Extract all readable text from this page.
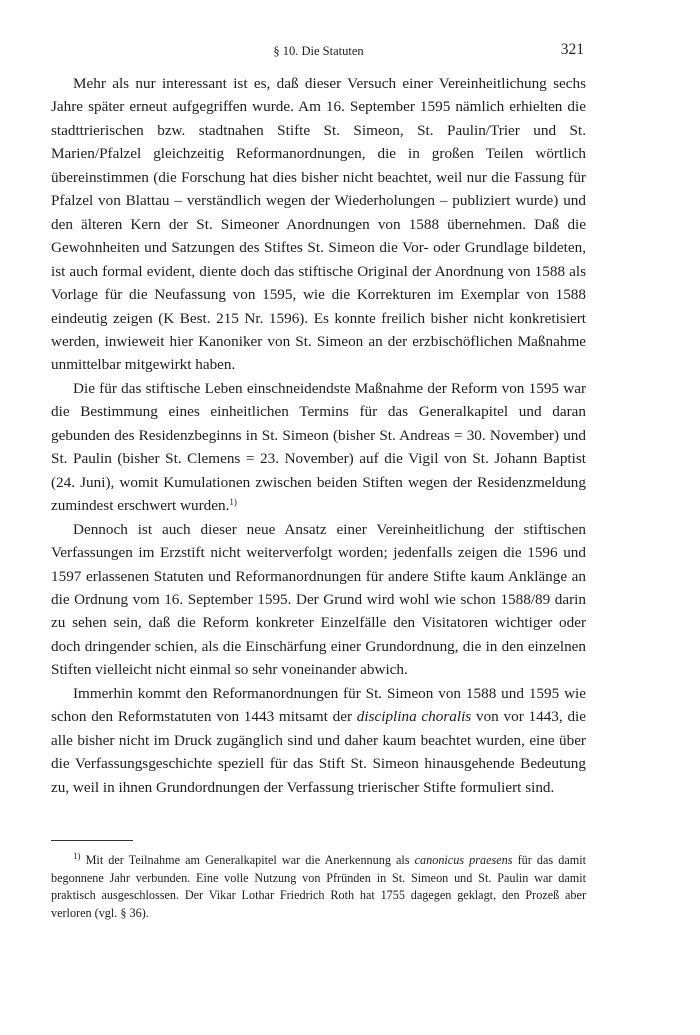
§ 10. Die Statuten	321

Mehr als nur interessant ist es, daß dieser Versuch einer Vereinheitlichung sechs Jahre später erneut aufgegriffen wurde. Am 16. September 1595 nämlich erhielten die stadttrierischen bzw. stadtnahen Stifte St. Simeon, St. Paulin/Trier und St. Marien/Pfalzel gleichzeitig Reformanordnungen, die in großen Teilen wörtlich übereinstimmen (die Forschung hat dies bisher nicht beachtet, weil nur die Fassung für Pfalzel von Blattau – verständlich wegen der Wiederholungen – publiziert wurde) und den älteren Kern der St. Simeoner Anordnungen von 1588 übernehmen. Daß die Gewohnheiten und Satzungen des Stiftes St. Simeon die Vor- oder Grundlage bildeten, ist auch formal evident, diente doch das stiftische Original der Anordnung von 1588 als Vorlage für die Neufassung von 1595, wie die Korrekturen im Exemplar von 1588 eindeutig zeigen (K Best. 215 Nr. 1596). Es konnte freilich bisher nicht konkretisiert werden, inwieweit hier Kanoniker von St. Simeon an der erzbischöflichen Maßnahme unmittelbar mitgewirkt haben.

Die für das stiftische Leben einschneidendste Maßnahme der Reform von 1595 war die Bestimmung eines einheitlichen Termins für das Generalkapitel und daran gebunden des Residenzbeginns in St. Simeon (bisher St. Andreas = 30. November) und St. Paulin (bisher St. Clemens = 23. November) auf die Vigil von St. Johann Baptist (24. Juni), womit Kumulationen zwischen beiden Stiften wegen der Residenzmeldung zumindest erschwert wurden.$^{1)}$

Dennoch ist auch dieser neue Ansatz einer Vereinheitlichung der stiftischen Verfassungen im Erzstift nicht weiterverfolgt worden; jedenfalls zeigen die 1596 und 1597 erlassenen Statuten und Reformanordnungen für andere Stifte kaum Anklänge an die Ordnung vom 16. September 1595. Der Grund wird wohl wie schon 1588/89 darin zu sehen sein, daß die Reform konkreter Einzelfälle den Visitatoren wichtiger oder doch dringender schien, als die Einschärfung einer Grundordnung, die in den einzelnen Stiften vielleicht nicht einmal so sehr voneinander abwich.

Immerhin kommt den Reformanordnungen für St. Simeon von 1588 und 1595 wie schon den Reformstatuten von 1443 mitsamt der disciplina choralis von vor 1443, die alle bisher nicht im Druck zugänglich sind und daher kaum beachtet wurden, eine über die Verfassungsgeschichte speziell für das Stift St. Simeon hinausgehende Bedeutung zu, weil in ihnen Grundordnungen der Verfassung trierischer Stifte formuliert sind.

$^{1)}$ Mit der Teilnahme am Generalkapitel war die Anerkennung als canonicus praesens für das damit begonnene Jahr verbunden. Eine volle Nutzung von Pfründen in St. Simeon und St. Paulin war damit praktisch ausgeschlossen. Der Vikar Lothar Friedrich Roth hat 1755 dagegen geklagt, den Prozeß aber verloren (vgl. § 36).
